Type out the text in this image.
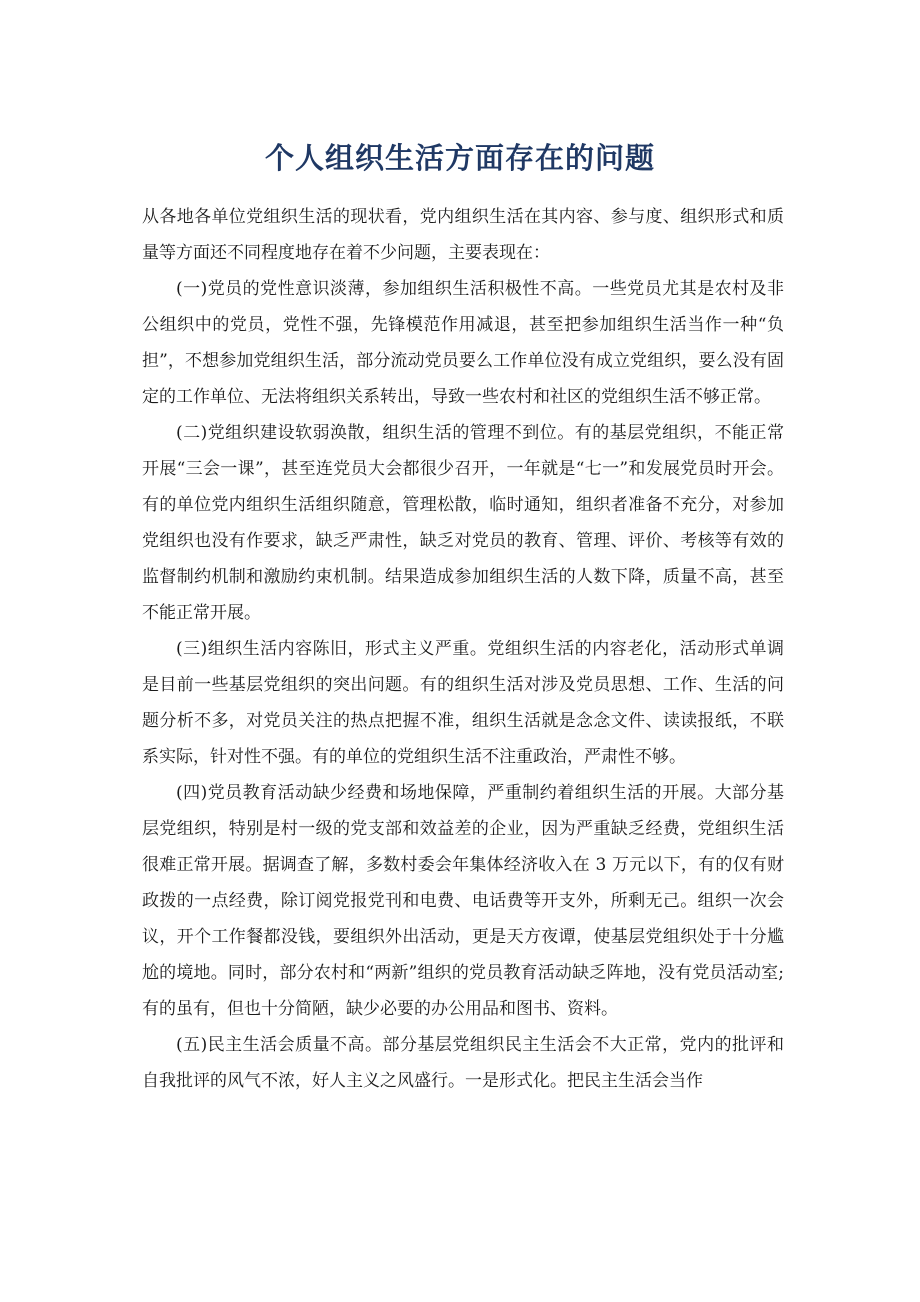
个人组织生活方面存在的问题

从各地各单位党组织生活的现状看，党内组织生活在其内容、参与度、组织形式和质量等方面还不同程度地存在着不少问题，主要表现在：

(一)党员的党性意识淡薄，参加组织生活积极性不高。一些党员尤其是农村及非公组织中的党员，党性不强，先锋模范作用减退，甚至把参加组织生活当作一种“负担”，不想参加党组织生活，部分流动党员要么工作单位没有成立党组织，要么没有固定的工作单位、无法将组织关系转出，导致一些农村和社区的党组织生活不够正常。

(二)党组织建设软弱涣散，组织生活的管理不到位。有的基层党组织，不能正常开展“三会一课”，甚至连党员大会都很少召开，一年就是“七一”和发展党员时开会。有的单位党内组织生活组织随意，管理松散，临时通知，组织者准备不充分，对参加党组织也没有作要求，缺乏严肃性，缺乏对党员的教育、管理、评价、考核等有效的监督制约机制和激励约束机制。结果造成参加组织生活的人数下降，质量不高，甚至不能正常开展。

(三)组织生活内容陈旧，形式主义严重。党组织生活的内容老化，活动形式单调是目前一些基层党组织的突出问题。有的组织生活对涉及党员思想、工作、生活的问题分析不多，对党员关注的热点把握不准，组织生活就是念念文件、读读报纸，不联系实际，针对性不强。有的单位的党组织生活不注重政治，严肃性不够。

(四)党员教育活动缺少经费和场地保障，严重制约着组织生活的开展。大部分基层党组织，特别是村一级的党支部和效益差的企业，因为严重缺乏经费，党组织生活很难正常开展。据调查了解，多数村委会年集体经济收入在 3 万元以下，有的仅有财政拨的一点经费，除订阅党报党刊和电费、电话费等开支外，所剩无己。组织一次会议，开个工作餐都没钱，要组织外出活动，更是天方夜谭，使基层党组织处于十分尴尬的境地。同时，部分农村和“两新”组织的党员教育活动缺乏阵地，没有党员活动室;有的虽有，但也十分简陋，缺少必要的办公用品和图书、资料。

(五)民主生活会质量不高。部分基层党组织民主生活会不大正常，党内的批评和自我批评的风气不浓，好人主义之风盛行。一是形式化。把民主生活会当作
